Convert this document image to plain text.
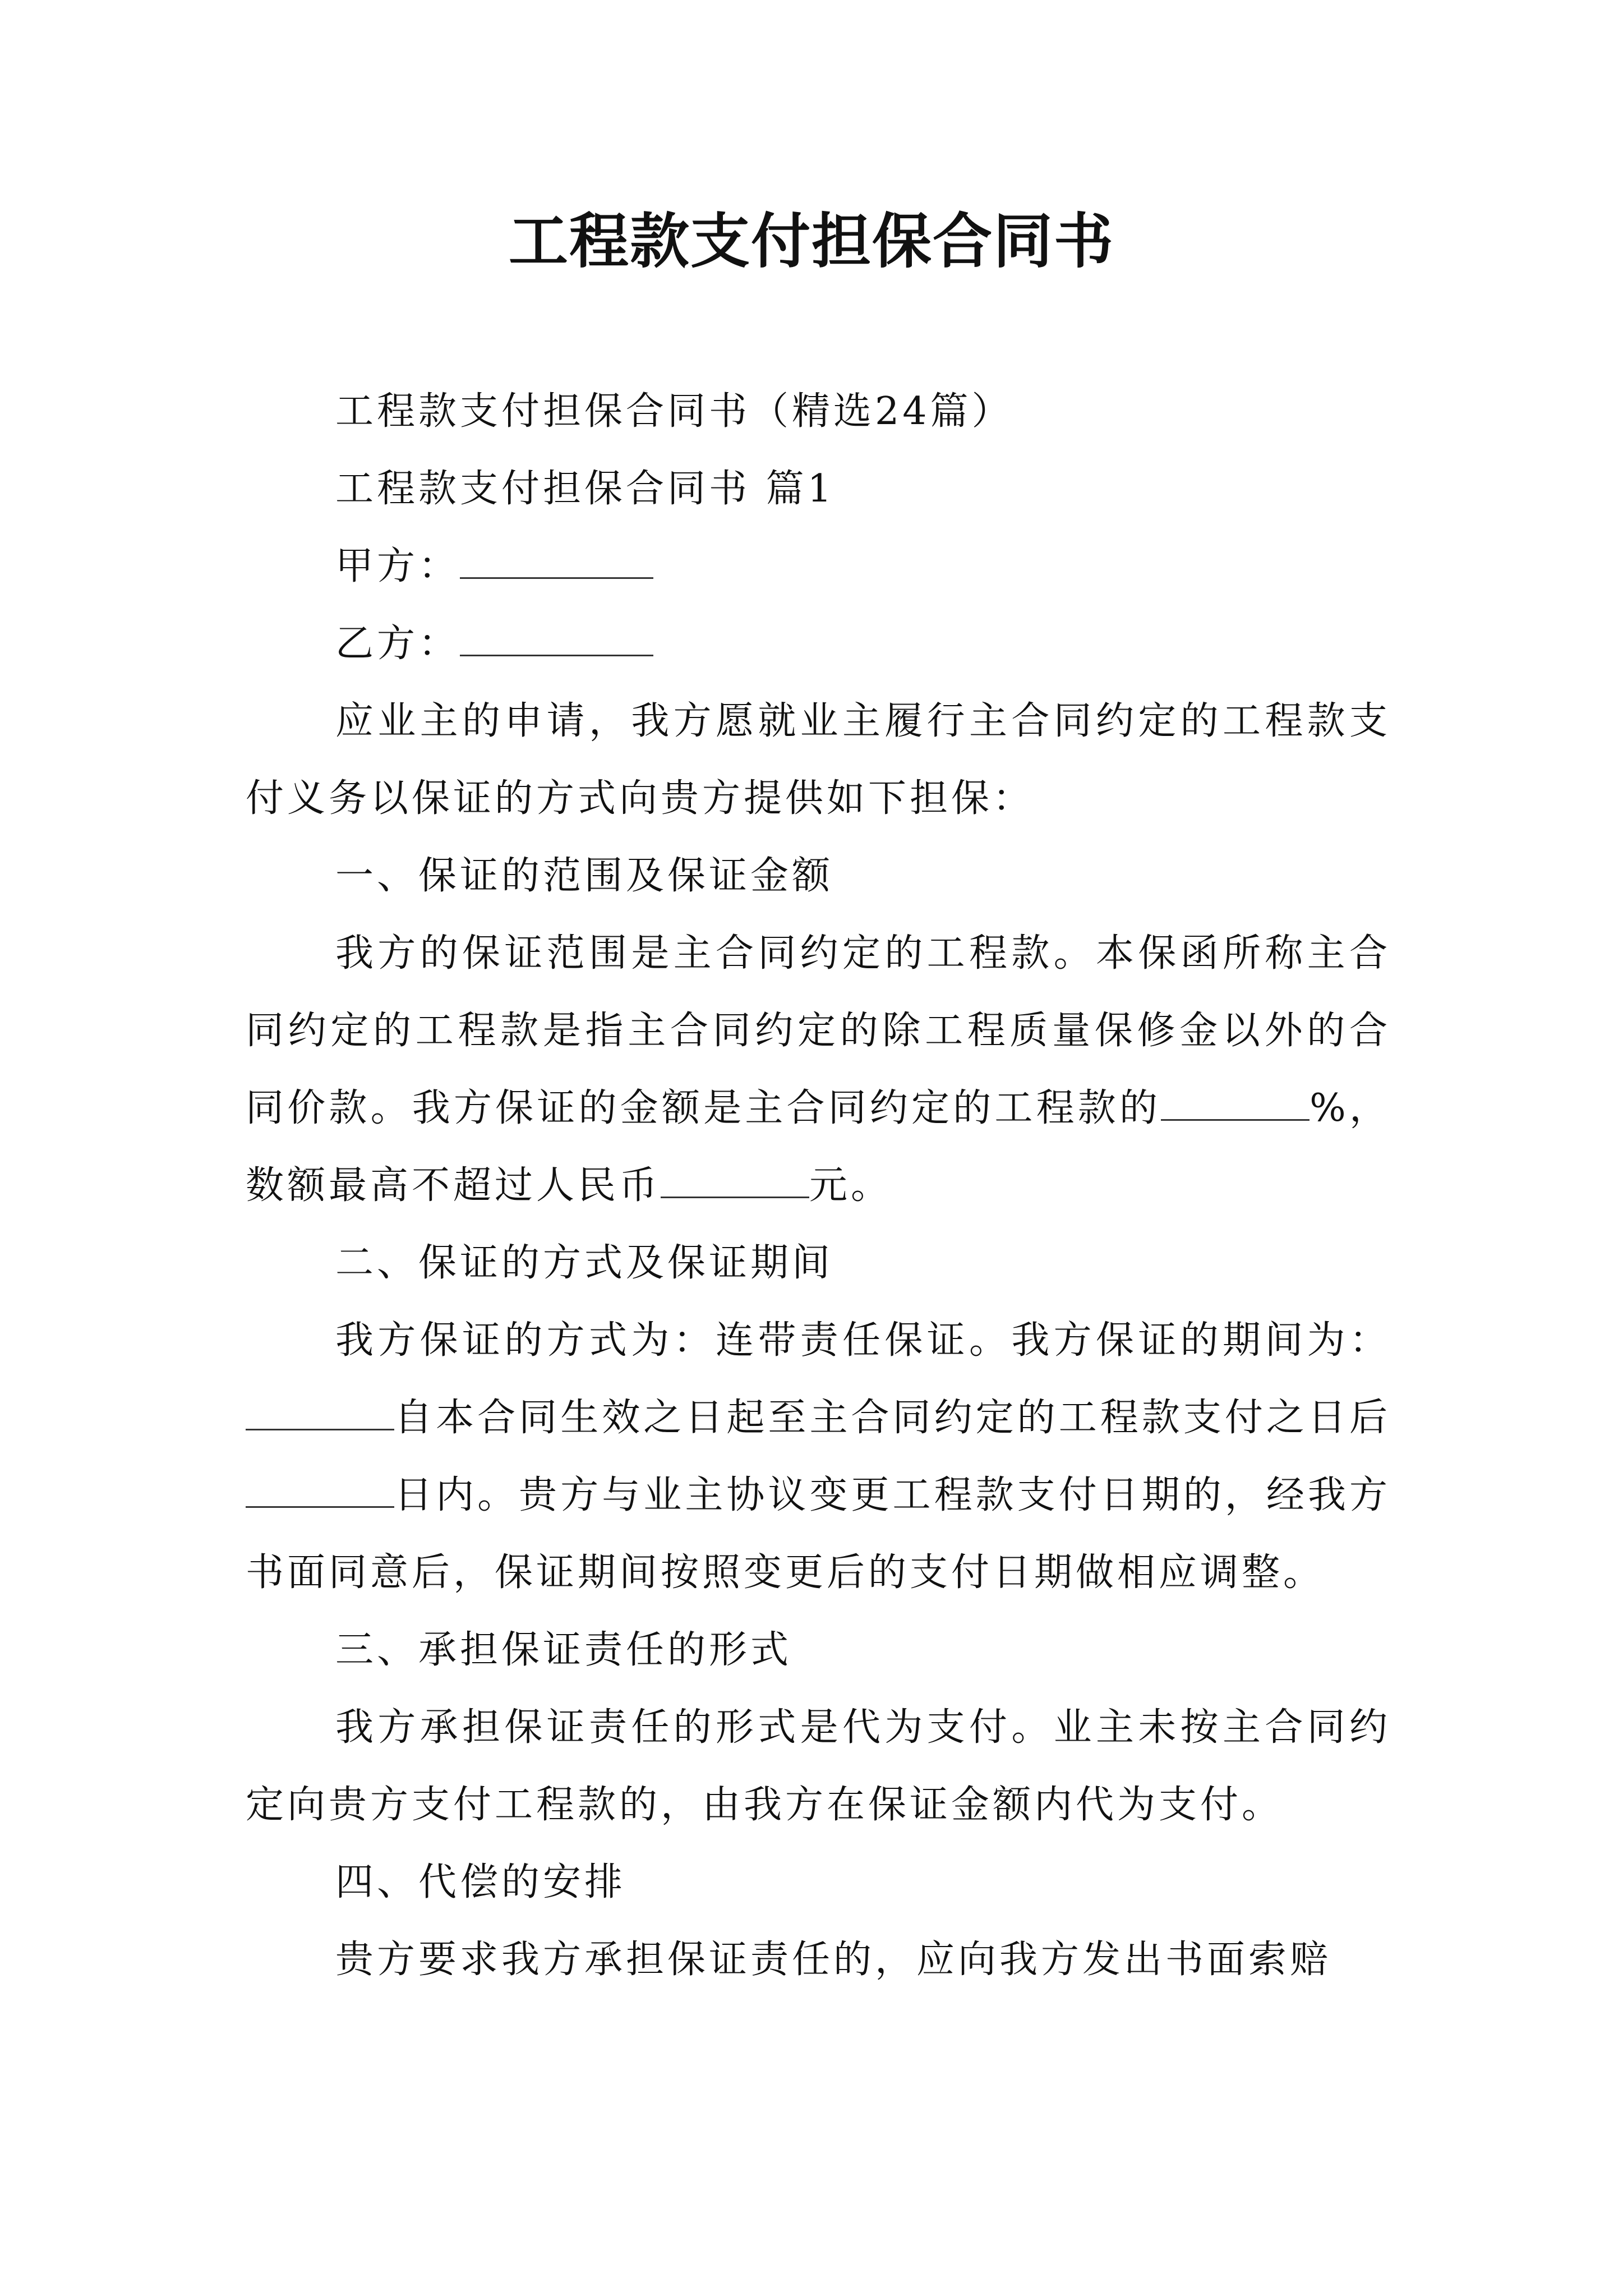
工程款支付担保合同书

工程款支付担保合同书（精选24篇）

工程款支付担保合同书 篇1

甲方：

乙方：

应业主的申请，我方愿就业主履行主合同约定的工程款支付义务以保证的方式向贵方提供如下担保：

一、保证的范围及保证金额

我方的保证范围是主合同约定的工程款。本保函所称主合同约定的工程款是指主合同约定的除工程质量保修金以外的合同价款。我方保证的金额是主合同约定的工程款的	%，数额最高不超过人民币	元。

二、保证的方式及保证期间

我方保证的方式为：连带责任保证。我方保证的期间为：自本合同生效之日起至主合同约定的工程款支付之日后日内。贵方与业主协议变更工程款支付日期的，经我方书面同意后，保证期间按照变更后的支付日期做相应调整。

三、承担保证责任的形式

我方承担保证责任的形式是代为支付。业主未按主合同约定向贵方支付工程款的，由我方在保证金额内代为支付。

四、代偿的安排

贵方要求我方承担保证责任的，应向我方发出书面索赔
